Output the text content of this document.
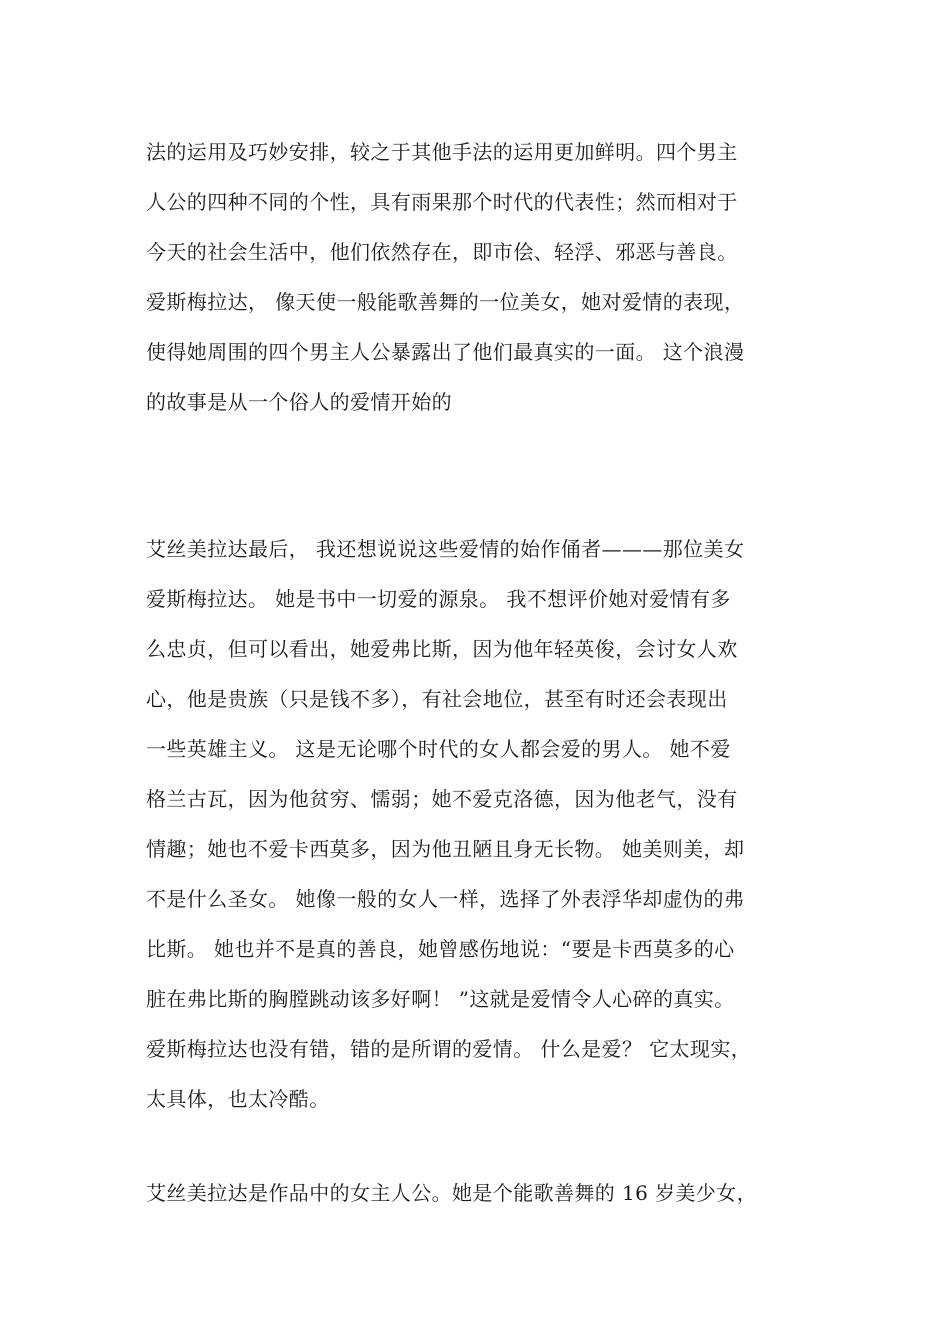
法的运用及巧妙安排，较之于其他手法的运用更加鲜明。四个男主
人公的四种不同的个性，具有雨果那个时代的代表性；然而相对于
今天的社会生活中，他们依然存在，即市侩、轻浮、邪恶与善良。
爱斯梅拉达， 像天使一般能歌善舞的一位美女，她对爱情的表现，
使得她周围的四个男主人公暴露出了他们最真实的一面。 这个浪漫
的故事是从一个俗人的爱情开始的
艾丝美拉达最后， 我还想说说这些爱情的始作俑者———那位美女
爱斯梅拉达。 她是书中一切爱的源泉。 我不想评价她对爱情有多
么忠贞，但可以看出，她爱弗比斯，因为他年轻英俊，会讨女人欢
心，他是贵族（只是钱不多），有社会地位，甚至有时还会表现出
一些英雄主义。 这是无论哪个时代的女人都会爱的男人。 她不爱
格兰古瓦，因为他贫穷、懦弱；她不爱克洛德，因为他老气，没有
情趣；她也不爱卡西莫多，因为他丑陋且身无长物。 她美则美，却
不是什么圣女。 她像一般的女人一样，选择了外表浮华却虚伪的弗
比斯。 她也并不是真的善良，她曾感伤地说：“要是卡西莫多的心
脏在弗比斯的胸膛跳动该多好啊！ ”这就是爱情令人心碎的真实。
爱斯梅拉达也没有错，错的是所谓的爱情。 什么是爱？ 它太现实，
太具体，也太冷酷。
艾丝美拉达是作品中的女主人公。她是个能歌善舞的 16 岁美少女，
